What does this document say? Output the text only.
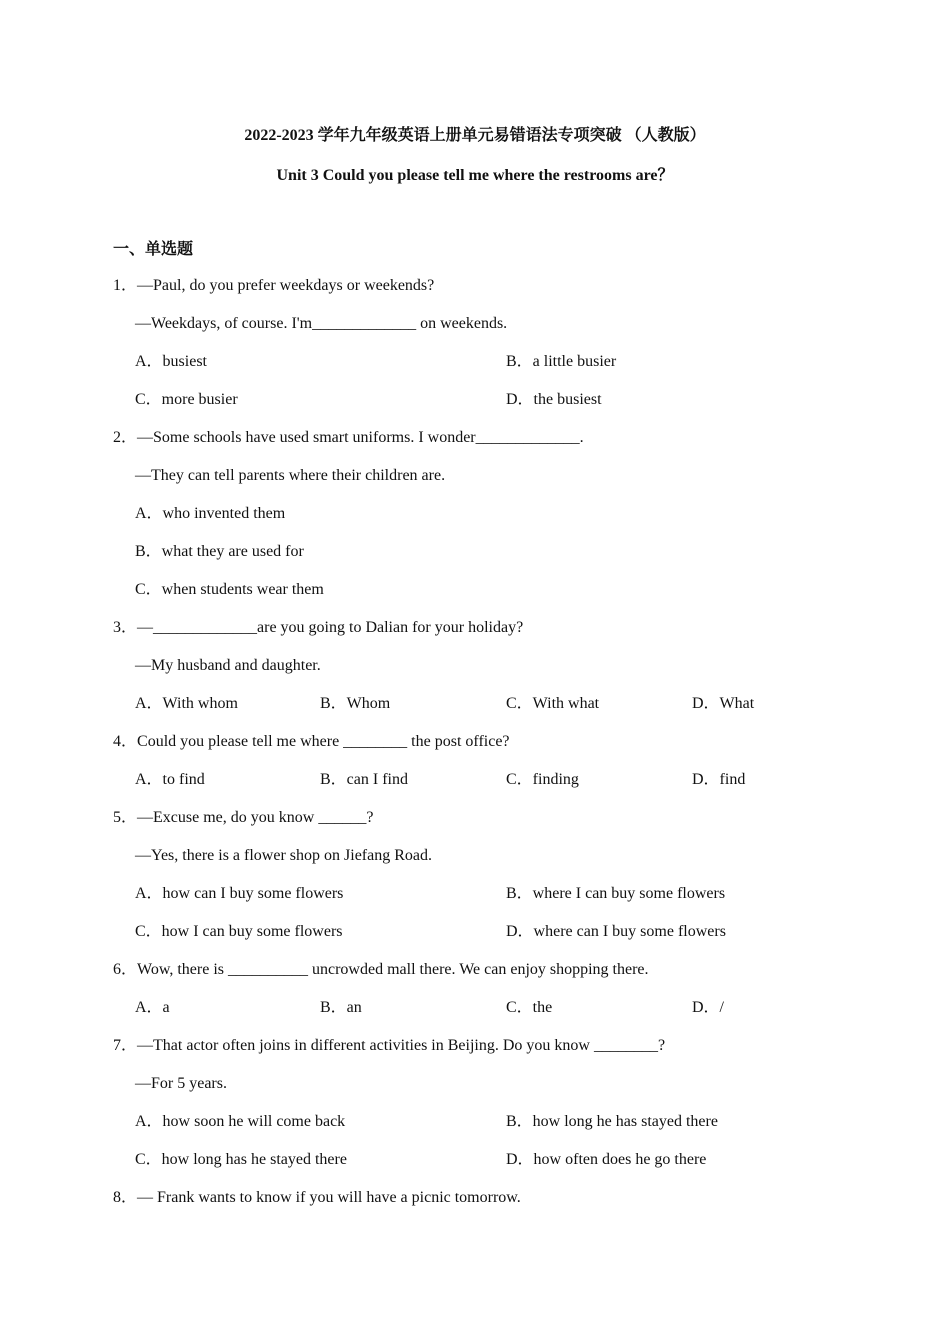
2022-2023 学年九年级英语上册单元易错语法专项突破 （人教版）
Unit 3 Could you please tell me where the restrooms are？
一、单选题
1．—Paul, do you prefer weekdays or weekends?
—Weekdays, of course. I'm_____________ on weekends.
A．busiest	B．a little busier
C．more busier	D．the busiest
2．—Some schools have used smart uniforms. I wonder_____________.
—They can tell parents where their children are.
A．who invented them
B．what they are used for
C．when students wear them
3．—_____________are you going to Dalian for your holiday?
—My husband and daughter.
A．With whom	B．Whom	C．With what	D．What
4．Could you please tell me where ________ the post office?
A．to find	B．can I find	C．finding	D．find
5．—Excuse me, do you know ______?
—Yes, there is a flower shop on Jiefang Road.
A．how can I buy some flowers	B．where I can buy some flowers
C．how I can buy some flowers	D．where can I buy some flowers
6．Wow, there is __________ uncrowded mall there. We can enjoy shopping there.
A．a	B．an	C．the	D．/
7．—That actor often joins in different activities in Beijing. Do you know ________?
—For 5 years.
A．how soon he will come back	B．how long he has stayed there
C．how long has he stayed there	D．how often does he go there
8．— Frank wants to know if you will have a picnic tomorrow.
